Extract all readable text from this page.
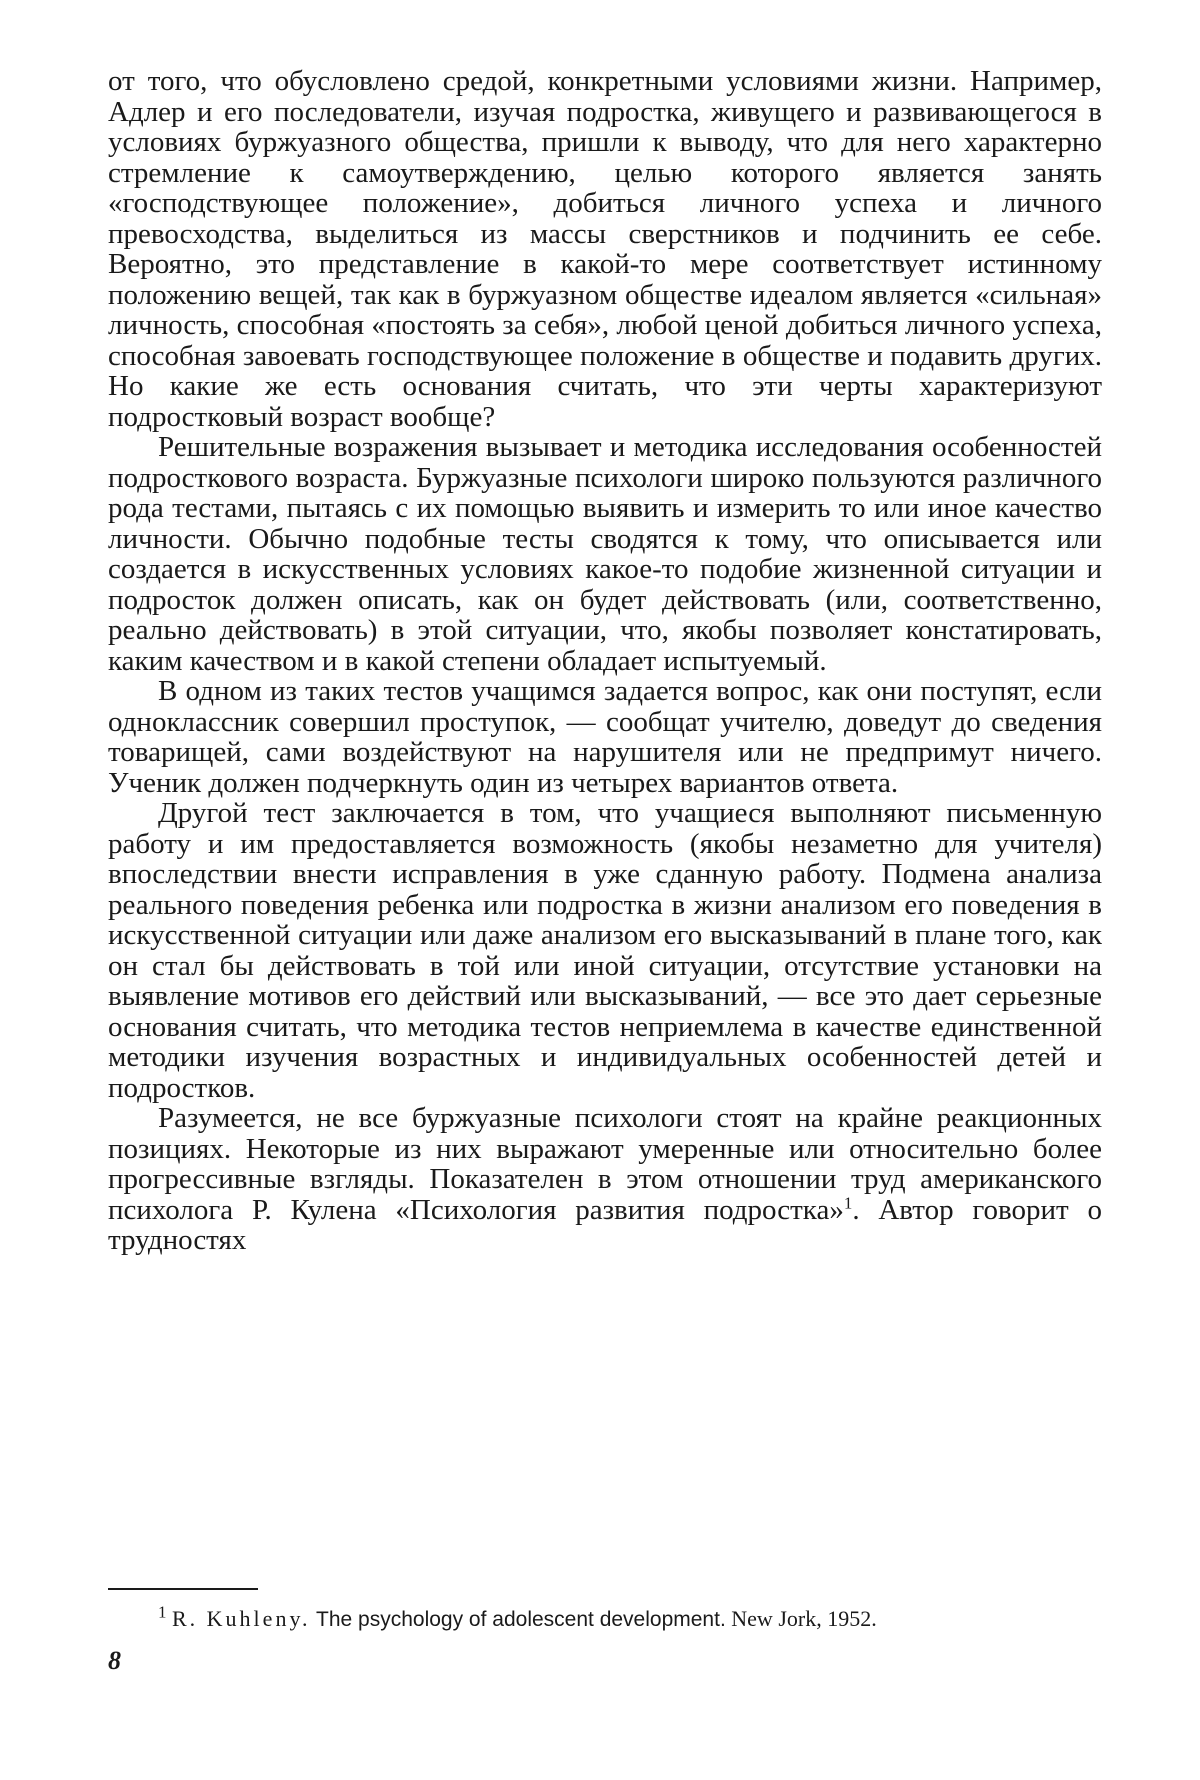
от того, что обусловлено средой, конкретными условиями жизни. Например, Адлер и его последователи, изучая подростка, живущего и развивающегося в условиях буржуазного общества, пришли к выводу, что для него характерно стремление к самоутверждению, целью которого является занять «господствующее положение», добиться личного успеха и личного превосходства, выделиться из массы сверстников и подчинить ее себе. Вероятно, это представление в какой-то мере соответствует истинному положению вещей, так как в буржуазном обществе идеалом является «сильная» личность, способная «постоять за себя», любой ценой добиться личного успеха, способная завоевать господствующее положение в обществе и подавить других. Но какие же есть основания считать, что эти черты характеризуют подростковый возраст вообще?

Решительные возражения вызывает и методика исследования особенностей подросткового возраста. Буржуазные психологи широко пользуются различного рода тестами, пытаясь с их помощью выявить и измерить то или иное качество личности. Обычно подобные тесты сводятся к тому, что описывается или создается в искусственных условиях какое-то подобие жизненной ситуации и подросток должен описать, как он будет действовать (или, соответственно, реально действовать) в этой ситуации, что, якобы позволяет констатировать, каким качеством и в какой степени обладает испытуемый.

В одном из таких тестов учащимся задается вопрос, как они поступят, если одноклассник совершил проступок, — сообщат учителю, доведут до сведения товарищей, сами воздействуют на нарушителя или не предпримут ничего. Ученик должен подчеркнуть один из четырех вариантов ответа.

Другой тест заключается в том, что учащиеся выполняют письменную работу и им предоставляется возможность (якобы незаметно для учителя) впоследствии внести исправления в уже сданную работу. Подмена анализа реального поведения ребенка или подростка в жизни анализом его поведения в искусственной ситуации или даже анализом его высказываний в плане того, как он стал бы действовать в той или иной ситуации, отсутствие установки на выявление мотивов его действий или высказываний, — все это дает серьезные основания считать, что методика тестов неприемлема в качестве единственной методики изучения возрастных и индивидуальных особенностей детей и подростков.

Разумеется, не все буржуазные психологи стоят на крайне реакционных позициях. Некоторые из них выражают умеренные или относительно более прогрессивные взгляды. Показателен в этом отношении труд американского психолога Р. Кулена «Психология развития подростка»$^1$. Автор говорит о трудностях

$^1$ R. Kuhleny. The psychology of adolescent development. New Jork, 1952.
8
